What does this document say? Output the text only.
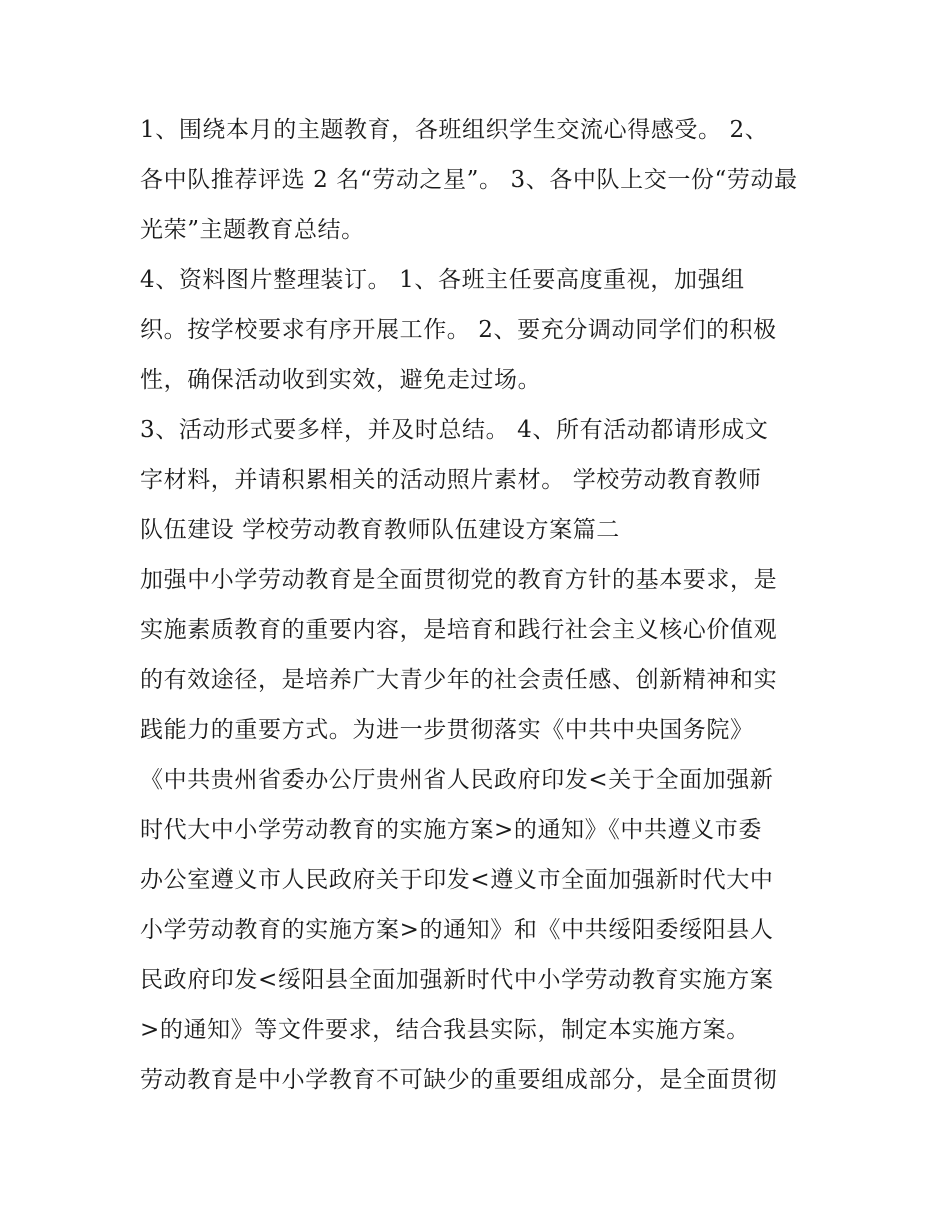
1、围绕本月的主题教育，各班组织学生交流心得感受。 2、
各中队推荐评选 2 名“劳动之星”。 3、各中队上交一份“劳动最
光荣”主题教育总结。
4、资料图片整理装订。 1、各班主任要高度重视，加强组
织。按学校要求有序开展工作。 2、要充分调动同学们的积极
性，确保活动收到实效，避免走过场。
3、活动形式要多样，并及时总结。 4、所有活动都请形成文
字材料，并请积累相关的活动照片素材。 学校劳动教育教师
队伍建设 学校劳动教育教师队伍建设方案篇二
加强中小学劳动教育是全面贯彻党的教育方针的基本要求，是
实施素质教育的重要内容，是培育和践行社会主义核心价值观
的有效途径，是培养广大青少年的社会责任感、创新精神和实
践能力的重要方式。为进一步贯彻落实《中共中央国务院》
《中共贵州省委办公厅贵州省人民政府印发<关于全面加强新
时代大中小学劳动教育的实施方案>的通知》《中共遵义市委
办公室遵义市人民政府关于印发<遵义市全面加强新时代大中
小学劳动教育的实施方案>的通知》和《中共绥阳委绥阳县人
民政府印发<绥阳县全面加强新时代中小学劳动教育实施方案
>的通知》等文件要求，结合我县实际，制定本实施方案。
劳动教育是中小学教育不可缺少的重要组成部分，是全面贯彻
